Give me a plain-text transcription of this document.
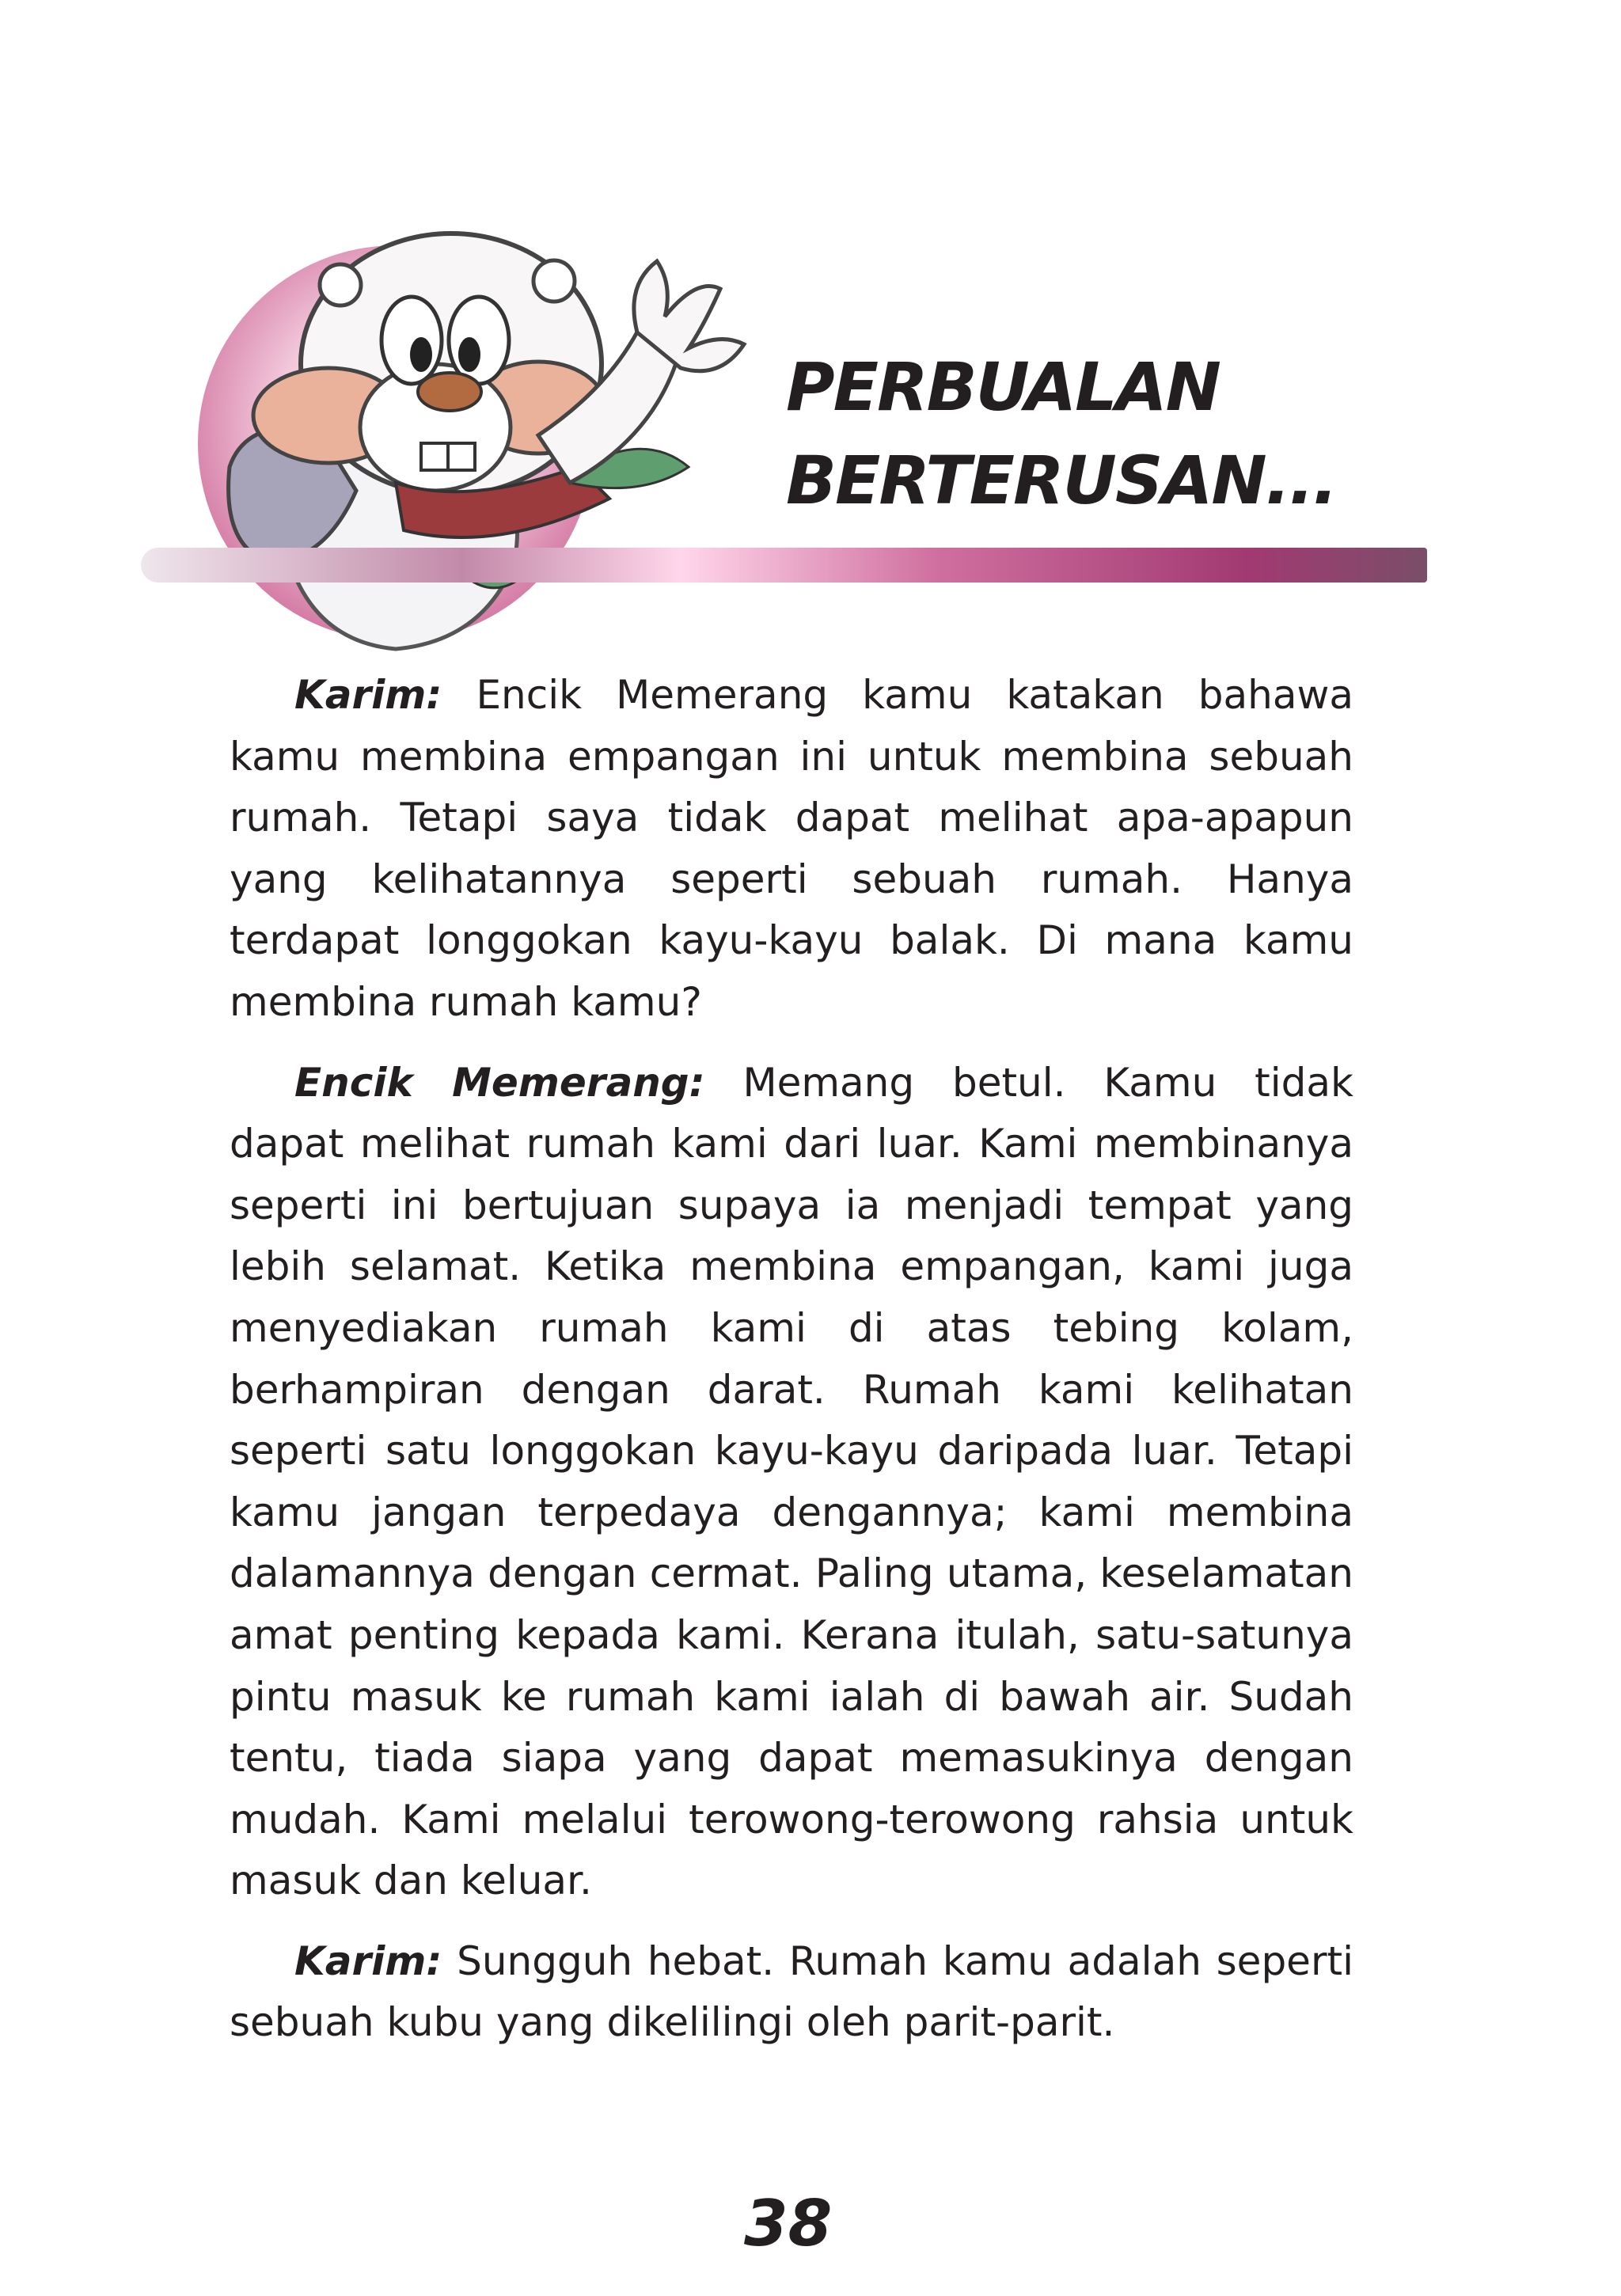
PERBUALAN
BERTERUSAN...

Karim: Encik Memerang kamu katakan bahawa kamu membina empangan ini untuk membina sebuah rumah. Tetapi saya tidak dapat melihat apa-apapun yang kelihatannya seperti sebuah rumah. Hanya terdapat longgokan kayu-kayu balak. Di mana kamu membina rumah kamu?

Encik Memerang: Memang betul. Kamu tidak dapat melihat rumah kami dari luar. Kami membinanya seperti ini bertujuan supaya ia menjadi tempat yang lebih selamat. Ketika membina empangan, kami juga menyediakan rumah kami di atas tebing kolam, berhampiran dengan darat. Rumah kami kelihatan seperti satu longgokan kayu-kayu daripada luar. Tetapi kamu jangan terpedaya dengannya; kami membina dalamannya dengan cermat. Paling utama, keselamatan amat penting kepada kami. Kerana itulah, satu-satunya pintu masuk ke rumah kami ialah di bawah air. Sudah tentu, tiada siapa yang dapat memasukinya dengan mudah. Kami melalui terowong-terowong rahsia untuk masuk dan keluar.

Karim: Sungguh hebat. Rumah kamu adalah seperti sebuah kubu yang dikelilingi oleh parit-parit.

38
